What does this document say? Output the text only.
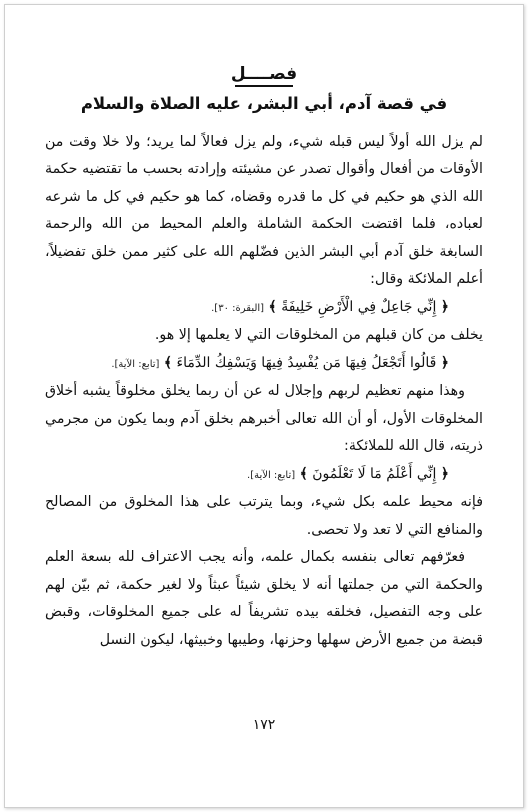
فصــــل

في قصة آدم، أبي البشر، عليه الصلاة والسلام

لم يزل الله أولاً ليس قبله شيء، ولم يزل فعالاً لما يريد؛ ولا خلا وقت من الأوقات من أفعال وأقوال تصدر عن مشيئته وإرادته بحسب ما تقتضيه حكمة الله الذي هو حكيم في كل ما قدره وقضاه، كما هو حكيم في كل ما شرعه لعباده، فلما اقتضت الحكمة الشاملة والعلم المحيط من الله والرحمة السابغة خلق آدم أبي البشر الذين فضّلهم الله على كثير ممن خلق تفضيلاً، أعلم الملائكة وقال:

﴿ إِنِّي جَاعِلٌ فِي الْأَرْضِ خَلِيفَةً ﴾ [البقرة: ٣٠].

يخلف من كان قبلهم من المخلوقات التي لا يعلمها إلا هو.

﴿ قَالُوا أَتَجْعَلُ فِيهَا مَن يُفْسِدُ فِيهَا وَيَسْفِكُ الدِّمَاءَ ﴾ [تابع: الآية].

وهذا منهم تعظيم لربهم وإجلال له عن أن ربما يخلق مخلوقاً يشبه أخلاق المخلوقات الأول، أو أن الله تعالى أخبرهم بخلق آدم وبما يكون من مجرمي ذريته، قال الله للملائكة:

﴿ إِنِّي أَعْلَمُ مَا لَا تَعْلَمُونَ ﴾ [تابع: الآية].

فإنه محيط علمه بكل شيء، وبما يترتب على هذا المخلوق من المصالح والمنافع التي لا تعد ولا تحصى.

فعرّفهم تعالى بنفسه بكمال علمه، وأنه يجب الاعتراف لله بسعة العلم والحكمة التي من جملتها أنه لا يخلق شيئاً عبثاً ولا لغير حكمة، ثم بيّن لهم على وجه التفصيل، فخلقه بيده تشريفاً له على جميع المخلوقات، وقبض قبضة من جميع الأرض سهلها وحزنها، وطيبها وخبيثها، ليكون النسل

١٧٢
